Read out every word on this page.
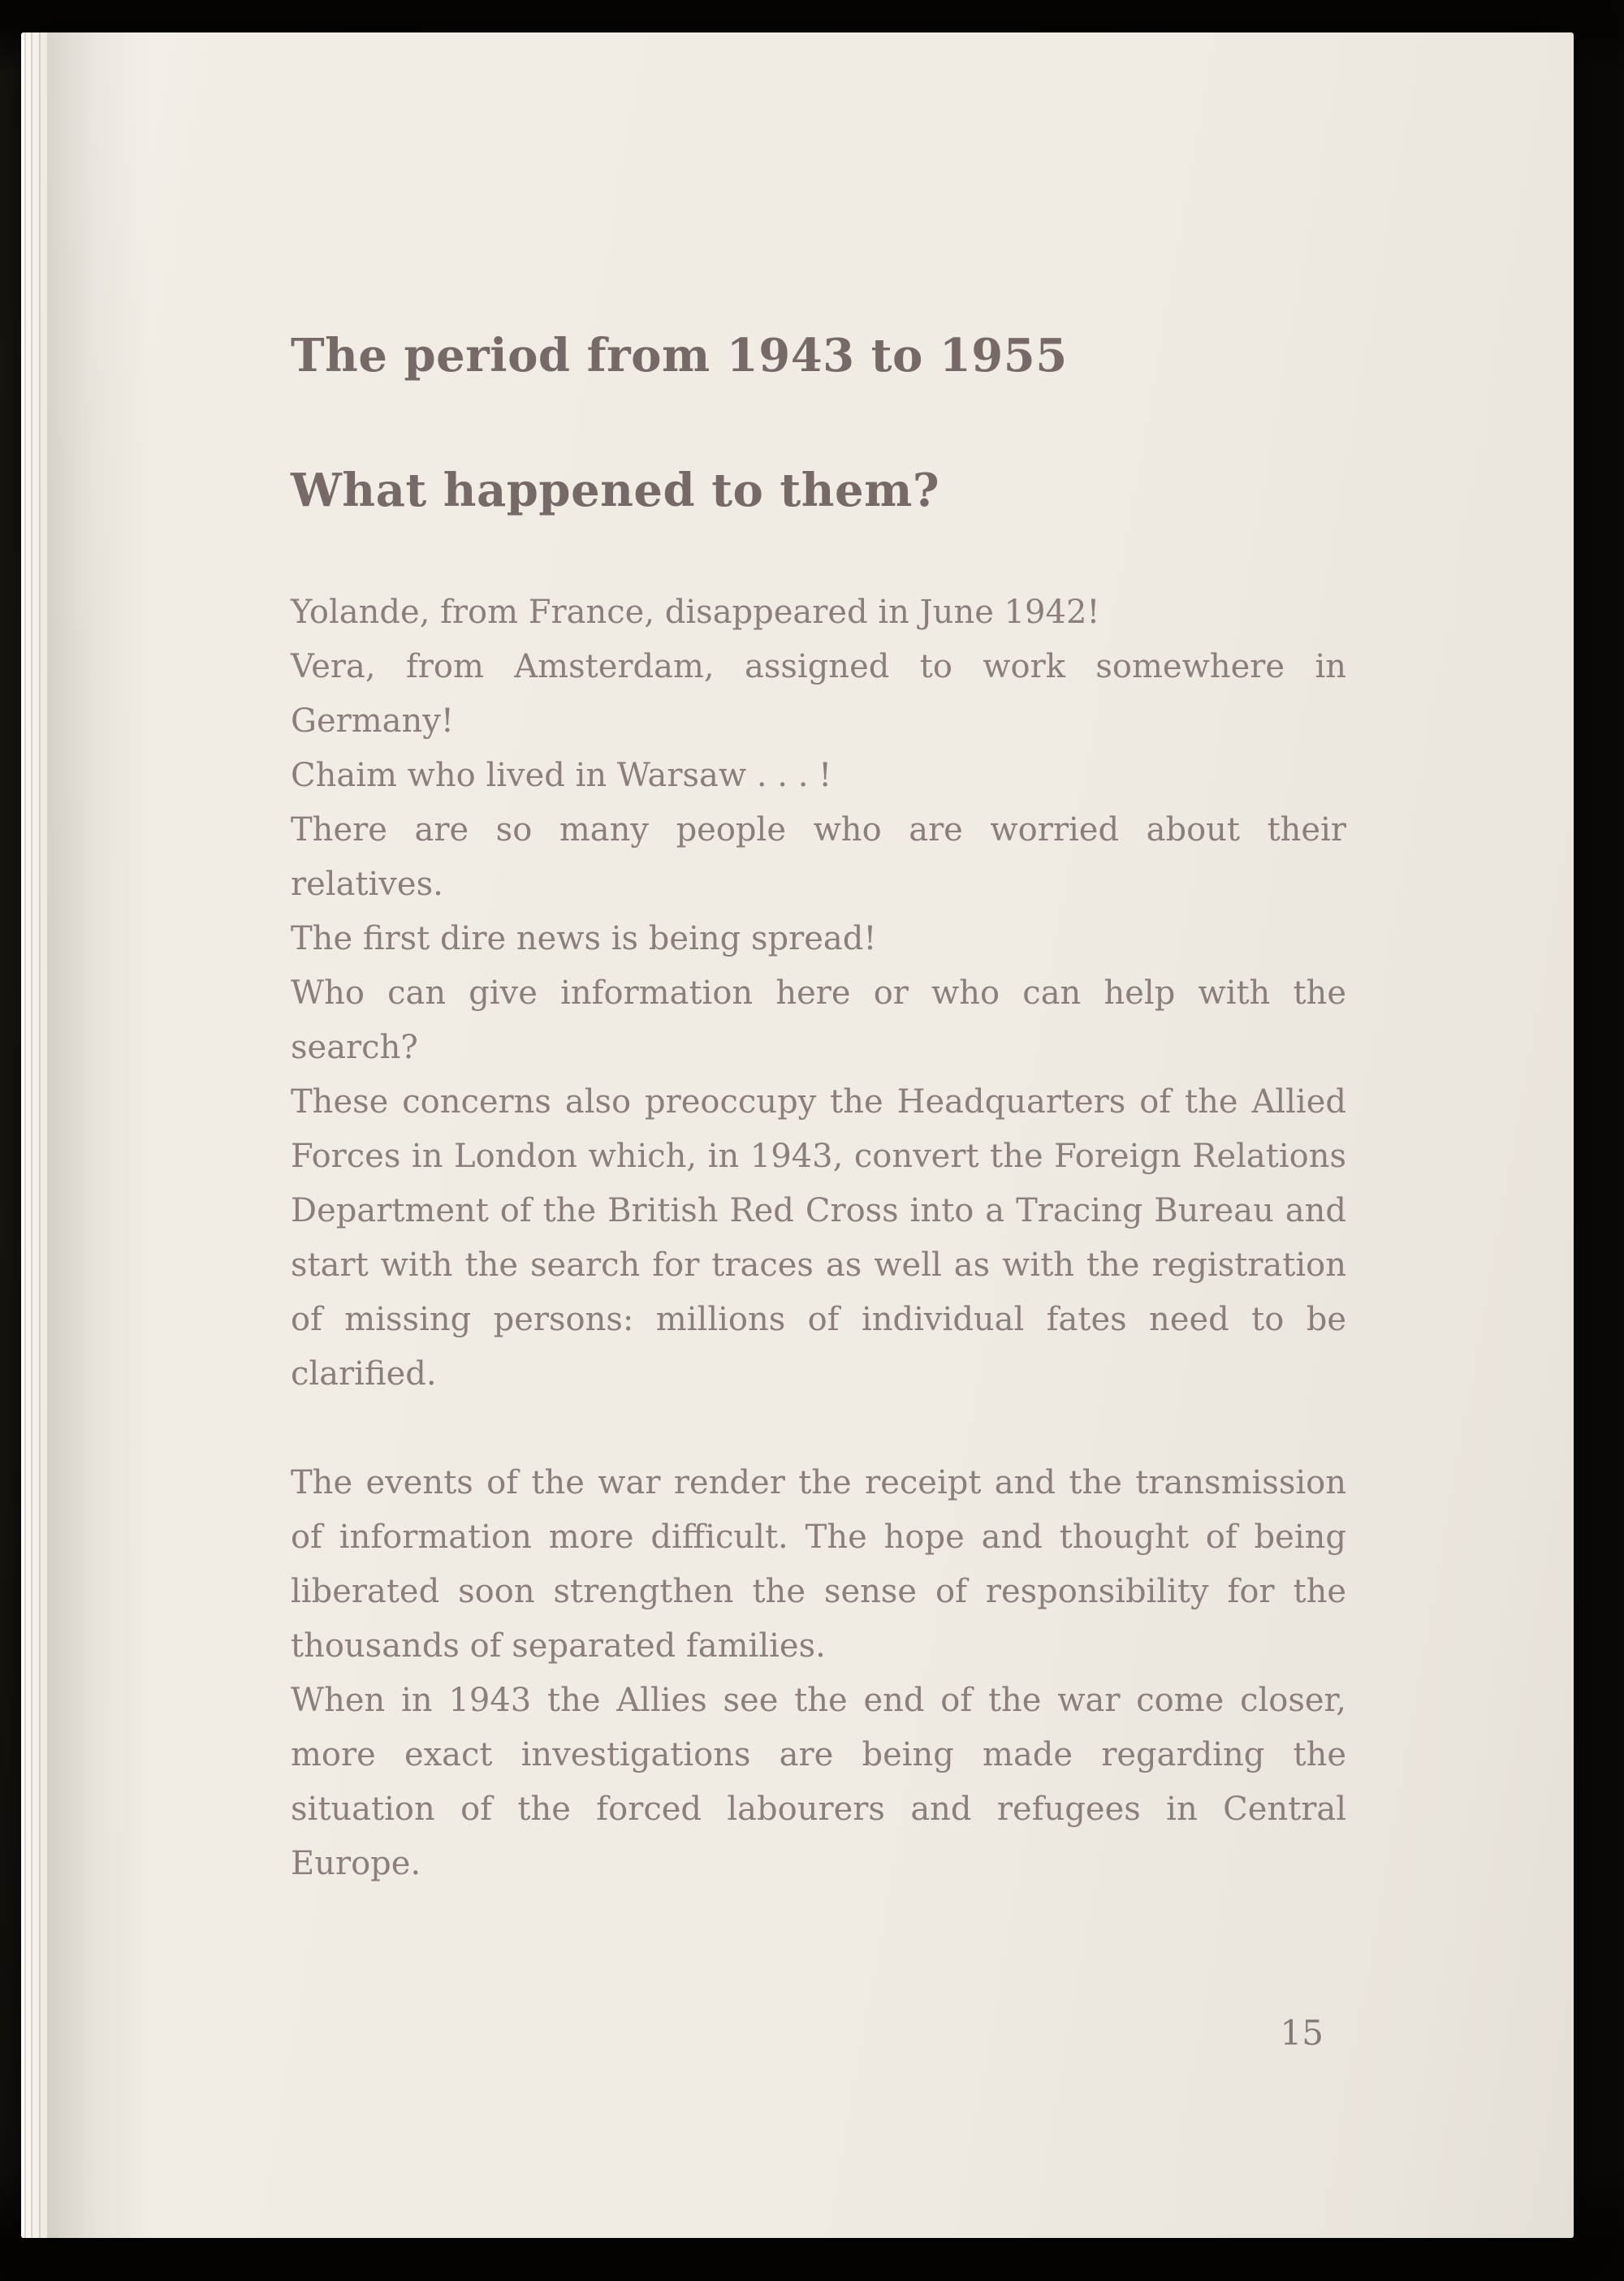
The period from 1943 to 1955
What happened to them?

Yolande, from France, disappeared in June 1942!

Vera, from Amsterdam, assigned to work somewhere in Germany!

Chaim who lived in Warsaw . . . !

There are so many people who are worried about their relatives.

The first dire news is being spread!

Who can give information here or who can help with the search?

These concerns also preoccupy the Headquarters of the Allied Forces in London which, in 1943, convert the Foreign Relations Department of the British Red Cross into a Tracing Bureau and start with the search for traces as well as with the registration of missing persons: millions of individual fates need to be clarified.

The events of the war render the receipt and the transmission of information more difficult. The hope and thought of being liberated soon strengthen the sense of responsibility for the thousands of separated families.

When in 1943 the Allies see the end of the war come closer, more exact investigations are being made regarding the situation of the forced labourers and refugees in Central Europe.

15
